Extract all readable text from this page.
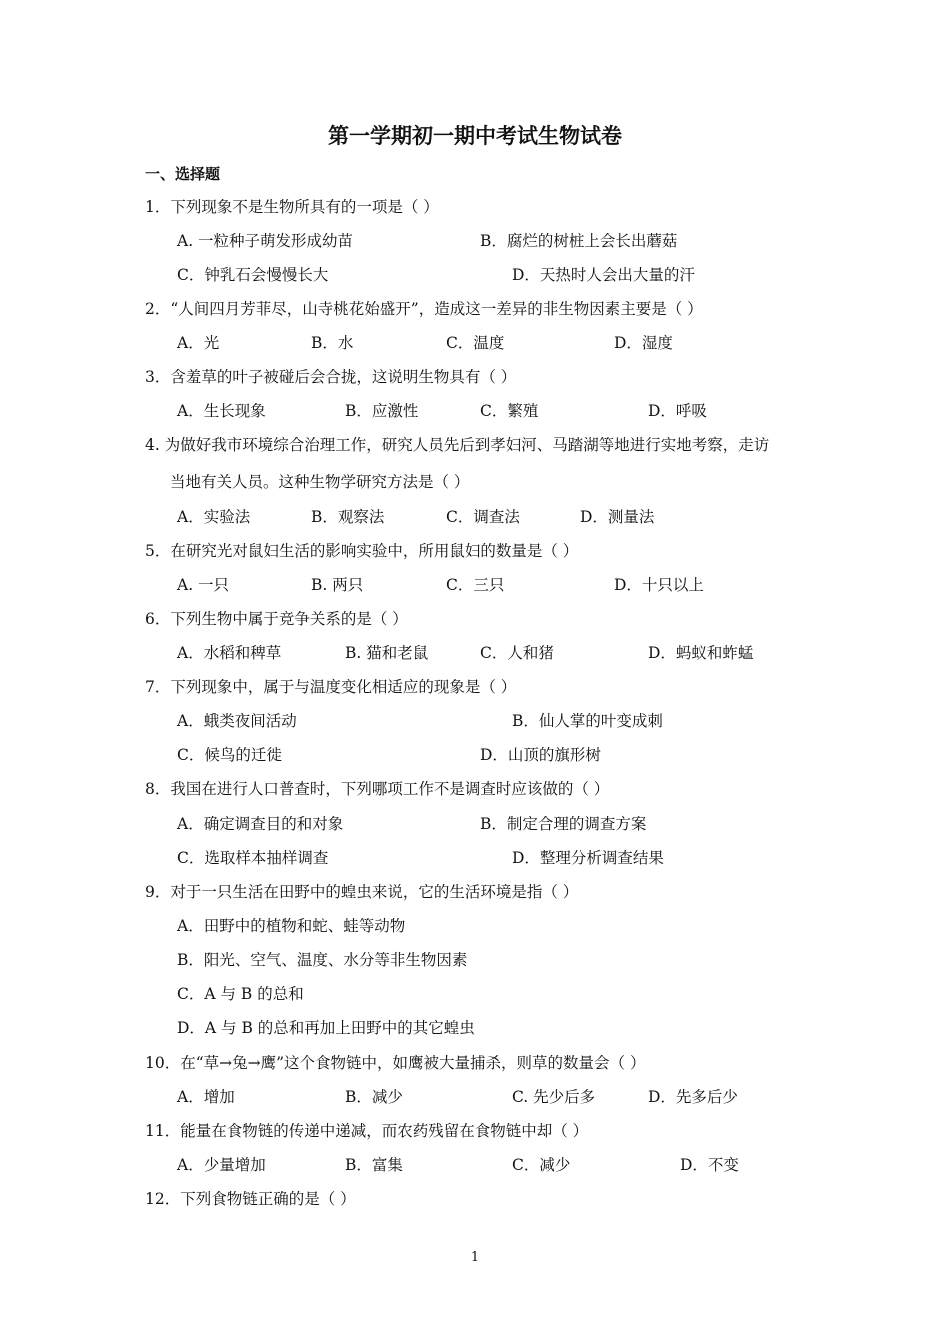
第一学期初一期中考试生物试卷
一、选择题
1．下列现象不是生物所具有的一项是（ ）
A. 一粒种子萌发形成幼苗	B．腐烂的树桩上会长出蘑菇
C．钟乳石会慢慢长大	D．天热时人会出大量的汗
2．“人间四月芳菲尽，山寺桃花始盛开”，造成这一差异的非生物因素主要是（ ）
A．光	B．水	C．温度	D．湿度
3．含羞草的叶子被碰后会合拢，这说明生物具有（ ）
A．生长现象	B．应激性	C．繁殖	D．呼吸
4. 为做好我市环境综合治理工作，研究人员先后到孝妇河、马踏湖等地进行实地考察，走访
当地有关人员。这种生物学研究方法是（ ）
A．实验法	B．观察法	C．调查法	D．测量法
5．在研究光对鼠妇生活的影响实验中，所用鼠妇的数量是（ ）
A. 一只	B. 两只	C．三只	D．十只以上
6．下列生物中属于竞争关系的是（ ）
A．水稻和稗草	B. 猫和老鼠	C．人和猪	D．蚂蚁和蚱蜢
7．下列现象中，属于与温度变化相适应的现象是（ ）
A．蛾类夜间活动	B．仙人掌的叶变成刺
C．候鸟的迁徙	D．山顶的旗形树
8．我国在进行人口普查时，下列哪项工作不是调查时应该做的（ ）
A．确定调查目的和对象	B．制定合理的调查方案
C．选取样本抽样调查	D．整理分析调查结果
9．对于一只生活在田野中的蝗虫来说，它的生活环境是指（ ）
A．田野中的植物和蛇、蛙等动物
B．阳光、空气、温度、水分等非生物因素
C．A 与 B 的总和
D．A 与 B 的总和再加上田野中的其它蝗虫
10．在“草→兔→鹰”这个食物链中，如鹰被大量捕杀，则草的数量会（ ）
A．增加	B．减少	C. 先少后多	D．先多后少
11．能量在食物链的传递中递减，而农药残留在食物链中却（ ）
A．少量增加	B．富集	C．减少	D．不变
12．下列食物链正确的是（ ）
1
